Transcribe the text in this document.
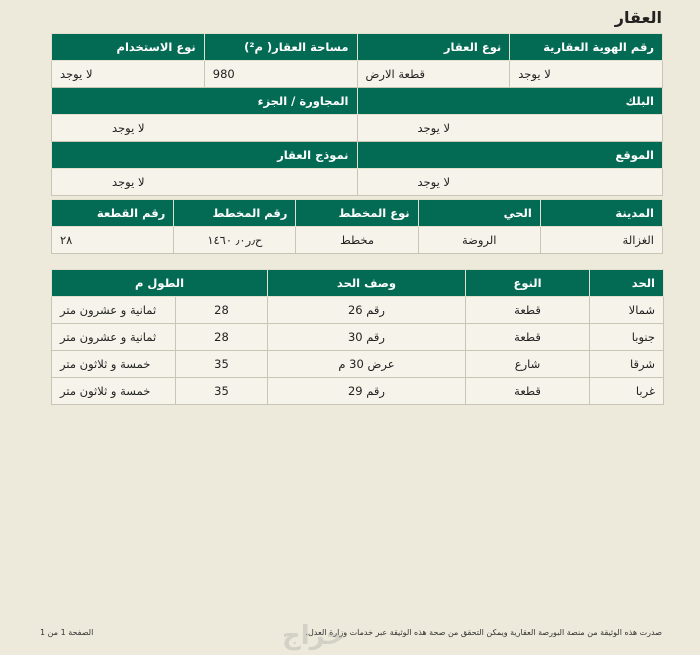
العقار
رقم الهوية العقارية	نوع العقار	مساحة العقار( م²)	نوع الاستخدام
لا يوجد	قطعة الارض	980	لا يوجد
البلك		المجاورة / الجزء	
لا يوجد		لا يوجد	
الموقع		نموذج العقار	
لا يوجد		لا يوجد	
المدينة	الحي	نوع المخطط	رقم المخطط	رقم القطعة
الغزالة	الروضة	مخطط	ح٫ر٫٠ ١٤٦٠	٢٨
الحد	النوع	وصف الحد	الطول م	
شمالا	قطعة	رقم 26	28	ثمانية و عشرون متر
جنوبا	قطعة	رقم 30	28	ثمانية و عشرون متر
شرقا	شارع	عرض 30 م	35	خمسة و ثلاثون متر
غربا	قطعة	رقم 29	35	خمسة و ثلاثون متر
صدرت هذه الوثيقة من منصة البورصة العقارية ويمكن التحقق من صحة هذه الوثيقة عبر خدمات وزارة العدل.
الصفحة 1 من 1	حراج
